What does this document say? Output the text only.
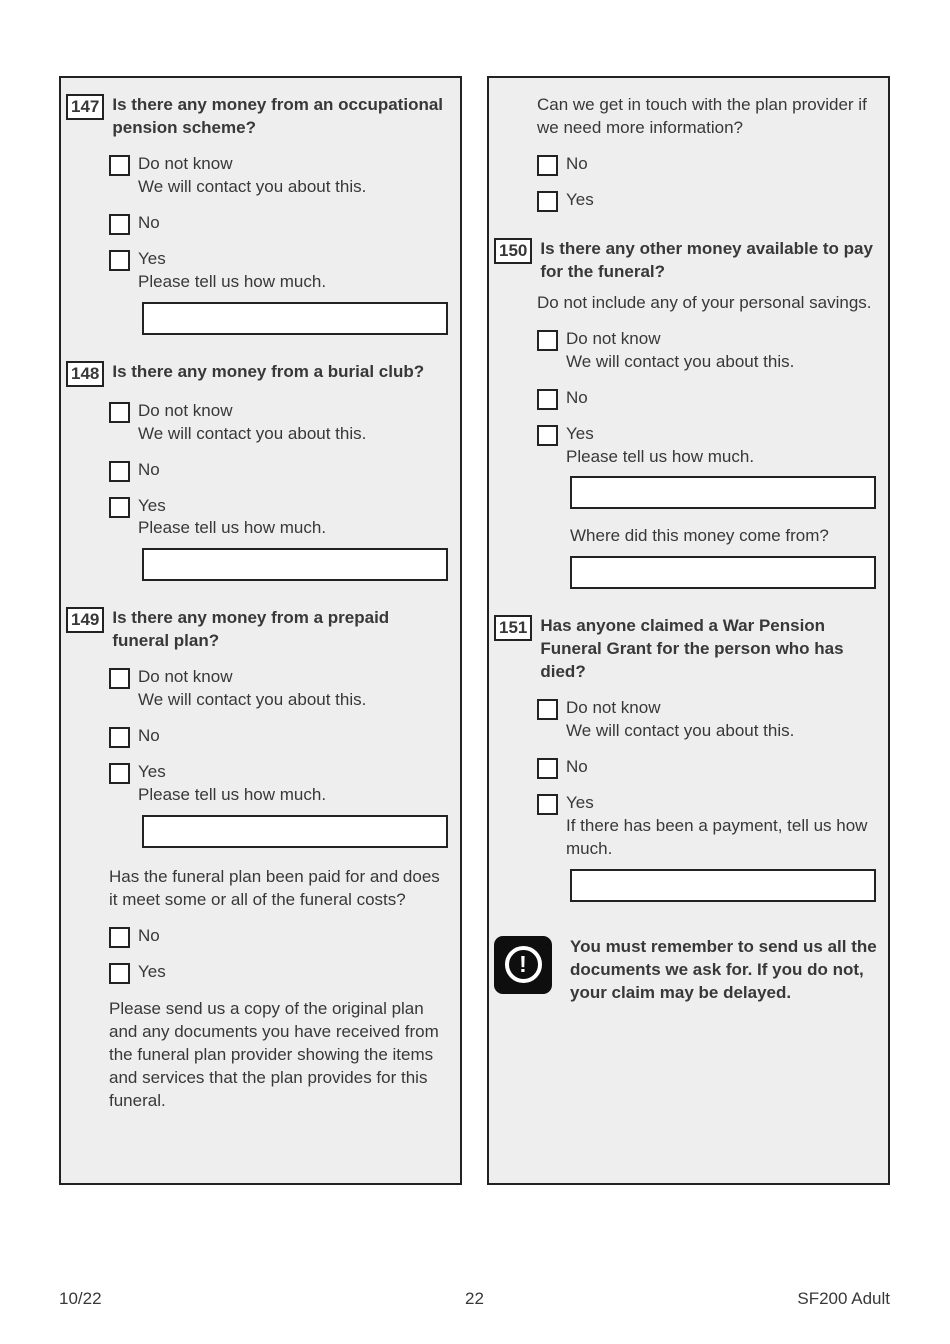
147 Is there any money from an occupational pension scheme?
Do not know
We will contact you about this.
No
Yes
Please tell us how much.
148 Is there any money from a burial club?
Do not know
We will contact you about this.
No
Yes
Please tell us how much.
149 Is there any money from a prepaid funeral plan?
Do not know
We will contact you about this.
No
Yes
Please tell us how much.

Has the funeral plan been paid for and does it meet some or all of the funeral costs?

No
Yes

Please send us a copy of the original plan and any documents you have received from the funeral plan provider showing the items and services that the plan provides for this funeral.

Can we get in touch with the plan provider if we need more information?
No
Yes
150 Is there any other money available to pay for the funeral?

Do not include any of your personal savings.

Do not know
We will contact you about this.
No
Yes
Please tell us how much.

Where did this money come from?

151 Has anyone claimed a War Pension Funeral Grant for the person who has died?
Do not know
We will contact you about this.
No
Yes
If there has been a payment, tell us how much.
!

You must remember to send us all the documents we ask for. If you do not, your claim may be delayed.

10/22	22	SF200 Adult
